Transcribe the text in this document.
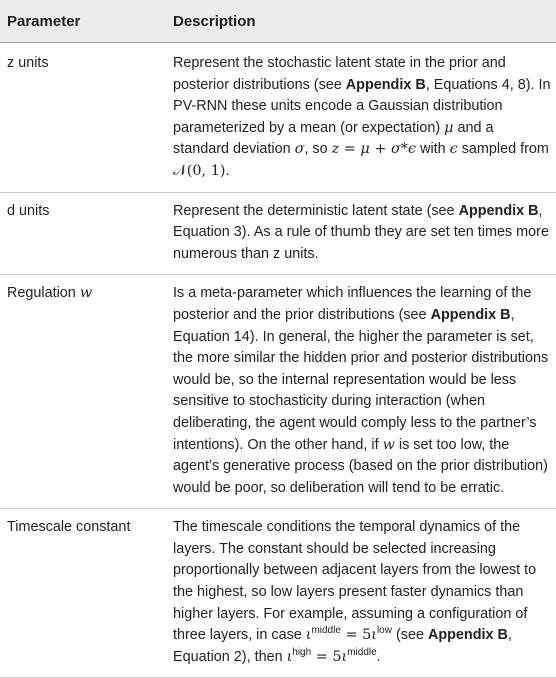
Parameter	Description
z units	Represent the stochastic latent state in the prior and posterior distributions (see Appendix B, Equations 4, 8). In PV-RNN these units encode a Gaussian distribution parameterized by a mean (or expectation) μ and a standard deviation σ, so z = μ + σ*ϵ with ϵ sampled from 𝒩(0, 1).
d units	Represent the deterministic latent state (see Appendix B, Equation 3). As a rule of thumb they are set ten times more numerous than z units.
Regulation w	Is a meta-parameter which influences the learning of the posterior and the prior distributions (see Appendix B, Equation 14). In general, the higher the parameter is set, the more similar the hidden prior and posterior distributions would be, so the internal representation would be less sensitive to stochasticity during interaction (when deliberating, the agent would comply less to the partner’s intentions). On the other hand, if w is set too low, the agent’s generative process (based on the prior distribution) would be poor, so deliberation will tend to be erratic.
Timescale constant	The timescale conditions the temporal dynamics of the layers. The constant should be selected increasing proportionally between adjacent layers from the lowest to the highest, so low layers present faster dynamics than higher layers. For example, assuming a configuration of three layers, in case $\iota^{middle} = 5\iota^{low}$ (see Appendix B, Equation 2), then $\iota^{high} = 5\iota^{middle}$.
